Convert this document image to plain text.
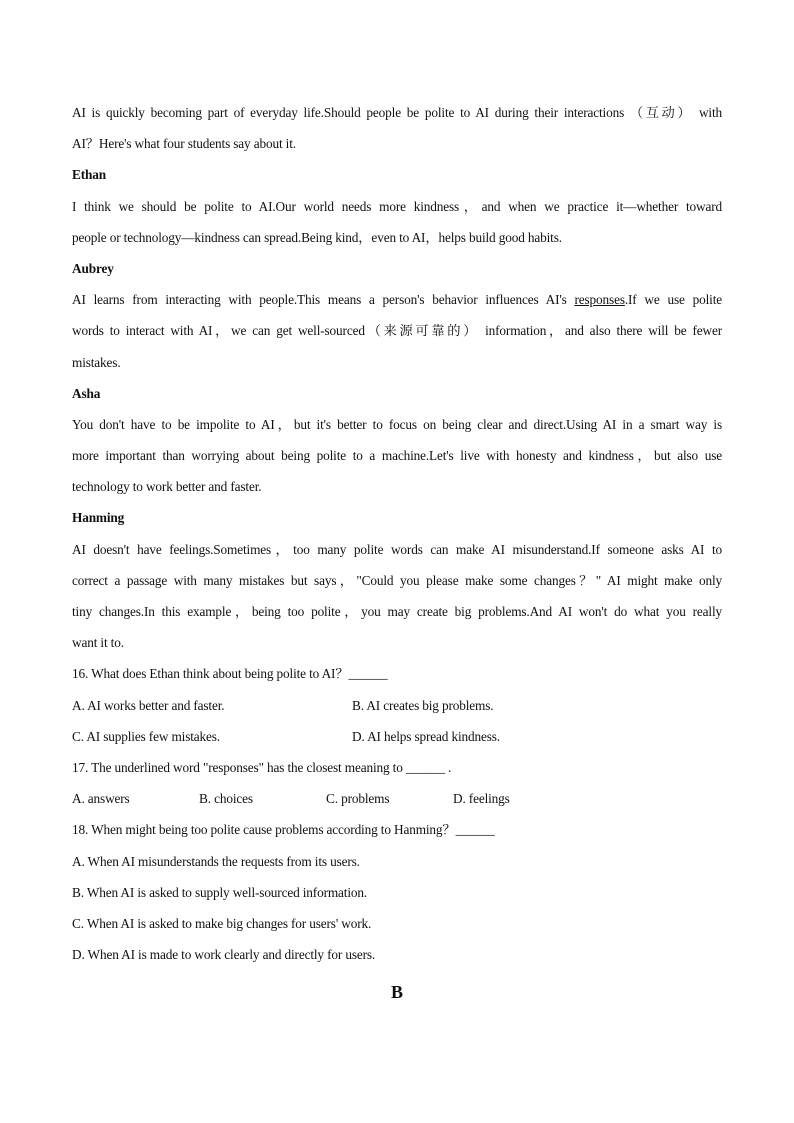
AI is quickly becoming part of everyday life.Should people be polite to AI during their interactions （互动） with
AI？Here's what four students say about it.
Ethan
I think we should be polite to AI.Our world needs more kindness，and when we practice it—whether toward
people or technology—kindness can spread.Being kind，even to AI，helps build good habits.
Aubrey
AI learns from interacting with people.This means a person's behavior influences AI's responses.If we use polite
words to interact with AI，we can get well-sourced（来源可靠的） information，and also there will be fewer
mistakes.
Asha
You don't have to be impolite to AI，but it's better to focus on being clear and direct.Using AI in a smart way is
more important than worrying about being polite to a machine.Let's live with honesty and kindness，but also use
technology to work better and faster.
Hanming
AI doesn't have feelings.Sometimes，too many polite words can make AI misunderstand.If someone asks AI to
correct a passage with many mistakes but says，"Could you please make some changes？" AI might make only
tiny changes.In this example，being too polite，you may create big problems.And AI won't do what you really
want it to.
16. What does Ethan think about being polite to AI？______
A. AI works better and faster.	B. AI creates big problems.
C. AI supplies few mistakes.	D. AI helps spread kindness.
17. The underlined word "responses" has the closest meaning to ______ .
A. answers	B. choices	C. problems	D. feelings
18. When might being too polite cause problems according to Hanming？______
A. When AI misunderstands the requests from its users.
B. When AI is asked to supply well-sourced information.
C. When AI is asked to make big changes for users' work.
D. When AI is made to work clearly and directly for users.
B
